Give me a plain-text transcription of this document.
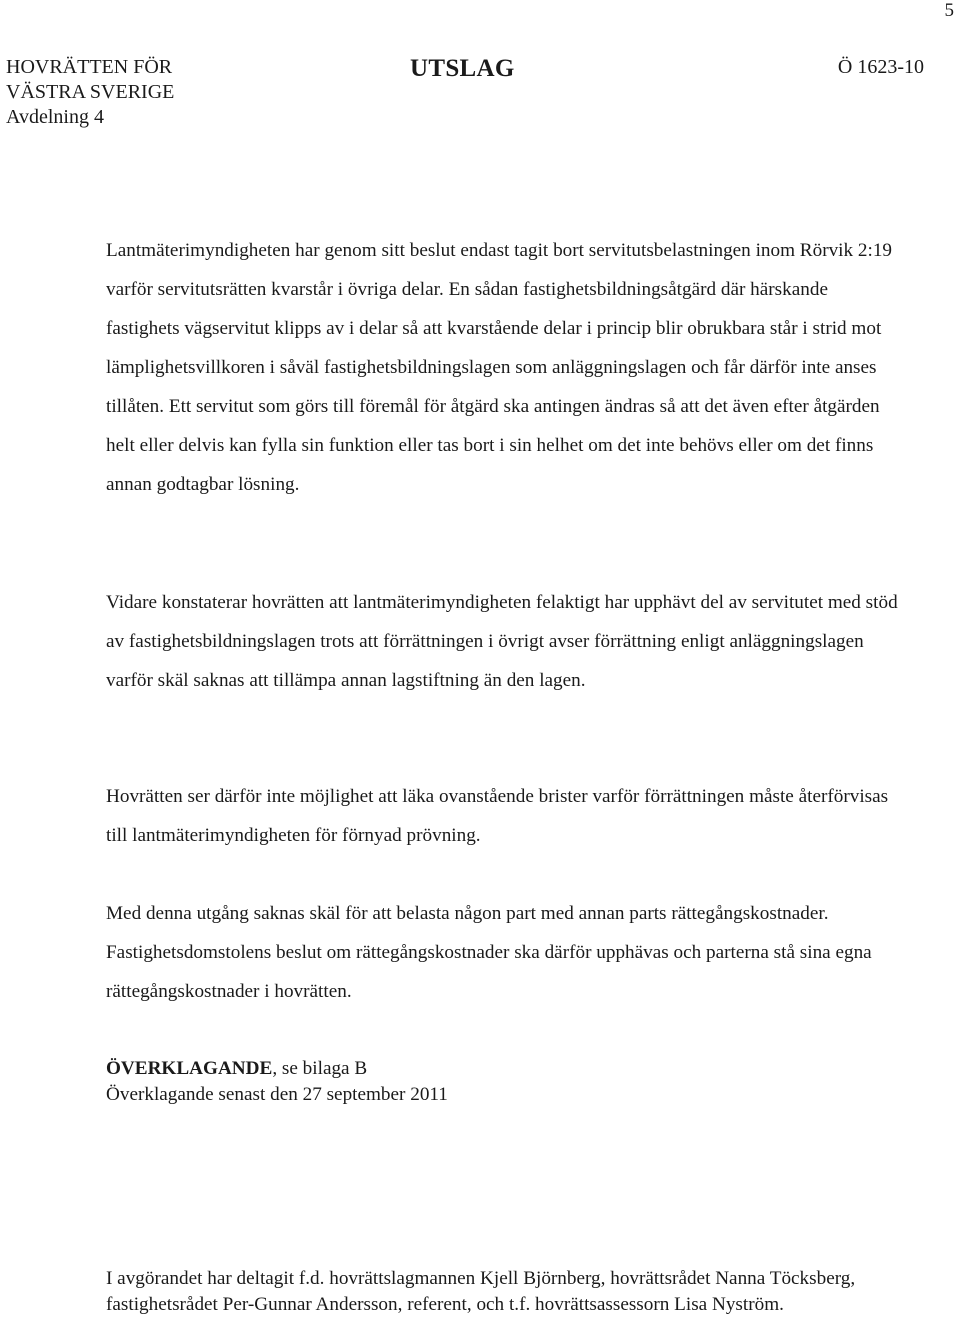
5
HOVRÄTTEN FÖR
VÄSTRA SVERIGE
Avdelning 4
UTSLAG	Ö 1623-10

Lantmäterimyndigheten har genom sitt beslut endast tagit bort servitutsbelastningen inom Rörvik 2:19 varför servitutsrätten kvarstår i övriga delar. En sådan fastighetsbildningsåtgärd där härskande fastighets vägservitut klipps av i delar så att kvarstående delar i princip blir obrukbara står i strid mot lämplighetsvillkoren i såväl fastighetsbildningslagen som anläggningslagen och får därför inte anses tillåten. Ett servitut som görs till föremål för åtgärd ska antingen ändras så att det även efter åtgärden helt eller delvis kan fylla sin funktion eller tas bort i sin helhet om det inte behövs eller om det finns annan godtagbar lösning.

Vidare konstaterar hovrätten att lantmäterimyndigheten felaktigt har upphävt del av servitutet med stöd av fastighetsbildningslagen trots att förrättningen i övrigt avser förrättning enligt anläggningslagen varför skäl saknas att tillämpa annan lagstiftning än den lagen.

Hovrätten ser därför inte möjlighet att läka ovanstående brister varför förrättningen måste återförvisas till lantmäterimyndigheten för förnyad prövning.

Med denna utgång saknas skäl för att belasta någon part med annan parts rättegångskostnader. Fastighetsdomstolens beslut om rättegångskostnader ska därför upphävas och parterna stå sina egna rättegångskostnader i hovrätten.

ÖVERKLAGANDE, se bilaga B
Överklagande senast den 27 september 2011
I avgörandet har deltagit f.d. hovrättslagmannen Kjell Björnberg, hovrättsrådet Nanna Töcksberg, fastighetsrådet Per-Gunnar Andersson, referent, och t.f. hovrättsassessorn Lisa Nyström.
